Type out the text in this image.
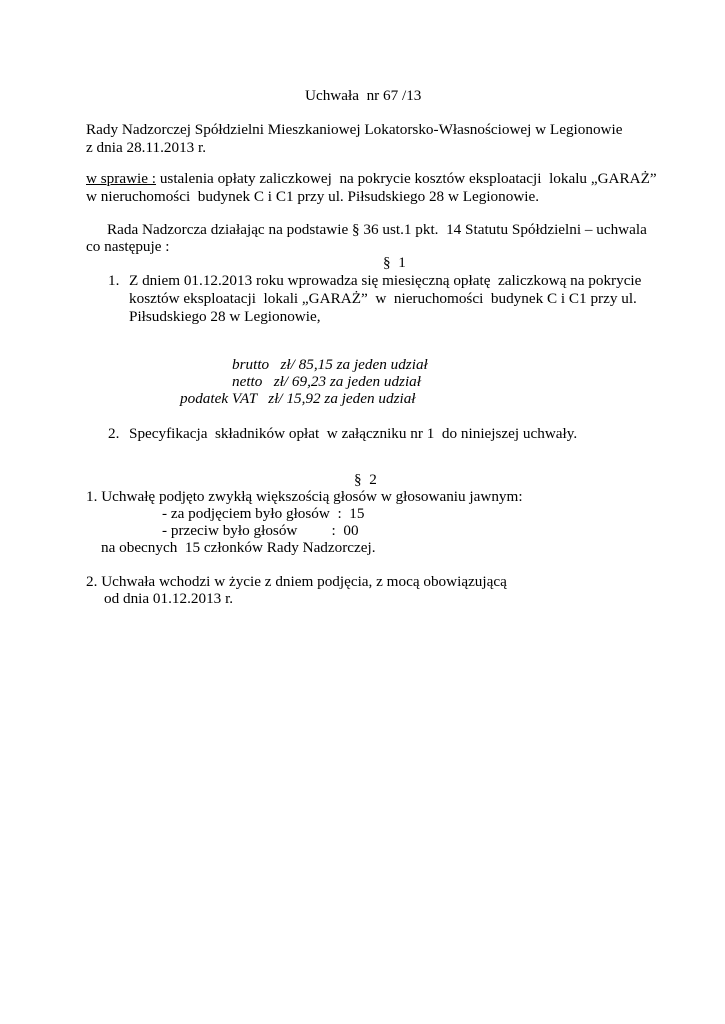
Uchwała  nr 67 /13
Rady Nadzorczej Spółdzielni Mieszkaniowej Lokatorsko-Własnościowej w Legionowie
z dnia 28.11.2013 r.
w sprawie : ustalenia opłaty zaliczkowej  na pokrycie kosztów eksploatacji  lokalu „GARAŻ”
w nieruchomości  budynek C i C1 przy ul. Piłsudskiego 28 w Legionowie.
Rada Nadzorcza działając na podstawie § 36 ust.1 pkt.  14 Statutu Spółdzielni – uchwala
co następuje :
§  1
1. Z dniem 01.12.2013 roku wprowadza się miesięczną opłatę  zaliczkową na pokrycie
kosztów eksploatacji  lokali „GARAŻ”  w  nieruchomości  budynek C i C1 przy ul.
Piłsudskiego 28 w Legionowie,
brutto   zł/ 85,15 za jeden udział
netto   zł/ 69,23 za jeden udział
podatek VAT   zł/ 15,92 za jeden udział
2. Specyfikacja  składników opłat  w załączniku nr 1  do niniejszej uchwały.
§  2
1. Uchwałę podjęto zwykłą większością głosów w głosowaniu jawnym:
- za podjęciem było głosów  :  15
- przeciw było głosów         :  00
na obecnych  15 członków Rady Nadzorczej.
2. Uchwała wchodzi w życie z dniem podjęcia, z mocą obowiązującą
od dnia 01.12.2013 r.
